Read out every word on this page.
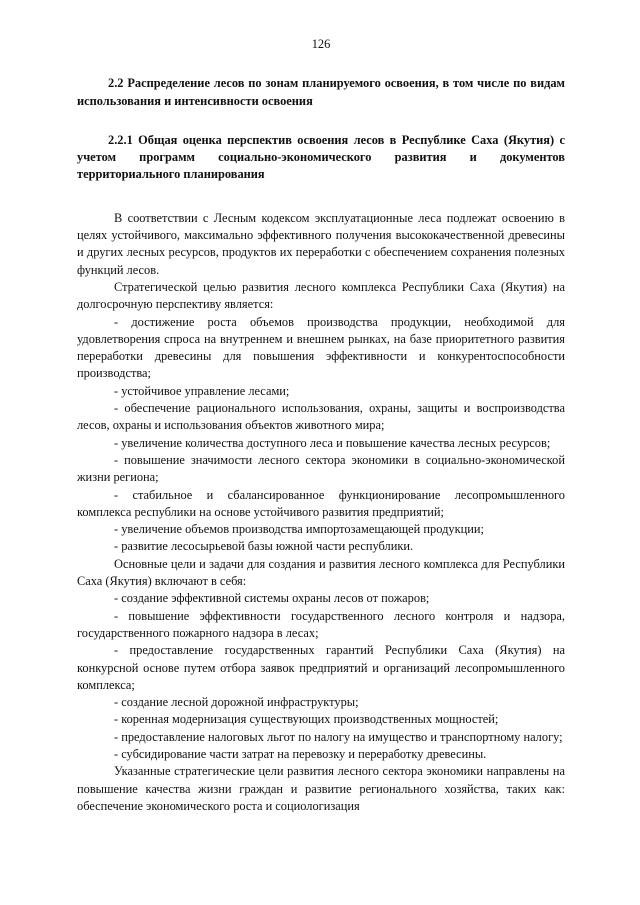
126

2.2 Распределение лесов по зонам планируемого освоения, в том числе по видам использования и интенсивности освоения

2.2.1 Общая оценка перспектив освоения лесов в Республике Саха (Якутия) с учетом программ социально-экономического развития и документов территориального планирования

В соответствии с Лесным кодексом эксплуатационные леса подлежат освоению в целях устойчивого, максимально эффективного получения высококачественной древесины и других лесных ресурсов, продуктов их переработки с обеспечением сохранения полезных функций лесов.

Стратегической целью развития лесного комплекса Республики Саха (Якутия) на долгосрочную перспективу является:

- достижение роста объемов производства продукции, необходимой для удовлетворения спроса на внутреннем и внешнем рынках, на базе приоритетного развития переработки древесины для повышения эффективности и конкурентоспособности производства;

- устойчивое управление лесами;

- обеспечение рационального использования, охраны, защиты и воспроизводства лесов, охраны и использования объектов животного мира;

- увеличение количества доступного леса и повышение качества лесных ресурсов;

- повышение значимости лесного сектора экономики в социально-экономической жизни региона;

- стабильное и сбалансированное функционирование лесопромышленного комплекса республики на основе устойчивого развития предприятий;

- увеличение объемов производства импортозамещающей продукции;

- развитие лесосырьевой базы южной части республики.

Основные цели и задачи для создания и развития лесного комплекса для Республики Саха (Якутия) включают в себя:

- создание эффективной системы охраны лесов от пожаров;

- повышение эффективности государственного лесного контроля и надзора, государственного пожарного надзора в лесах;

- предоставление государственных гарантий Республики Саха (Якутия) на конкурсной основе путем отбора заявок предприятий и организаций лесопромышленного комплекса;

- создание лесной дорожной инфраструктуры;

- коренная модернизация существующих производственных мощностей;

- предоставление налоговых льгот по налогу на имущество и транспортному налогу;

- субсидирование части затрат на перевозку и переработку древесины.

Указанные стратегические цели развития лесного сектора экономики направлены на повышение качества жизни граждан и развитие регионального хозяйства, таких как: обеспечение экономического роста и социологизация
